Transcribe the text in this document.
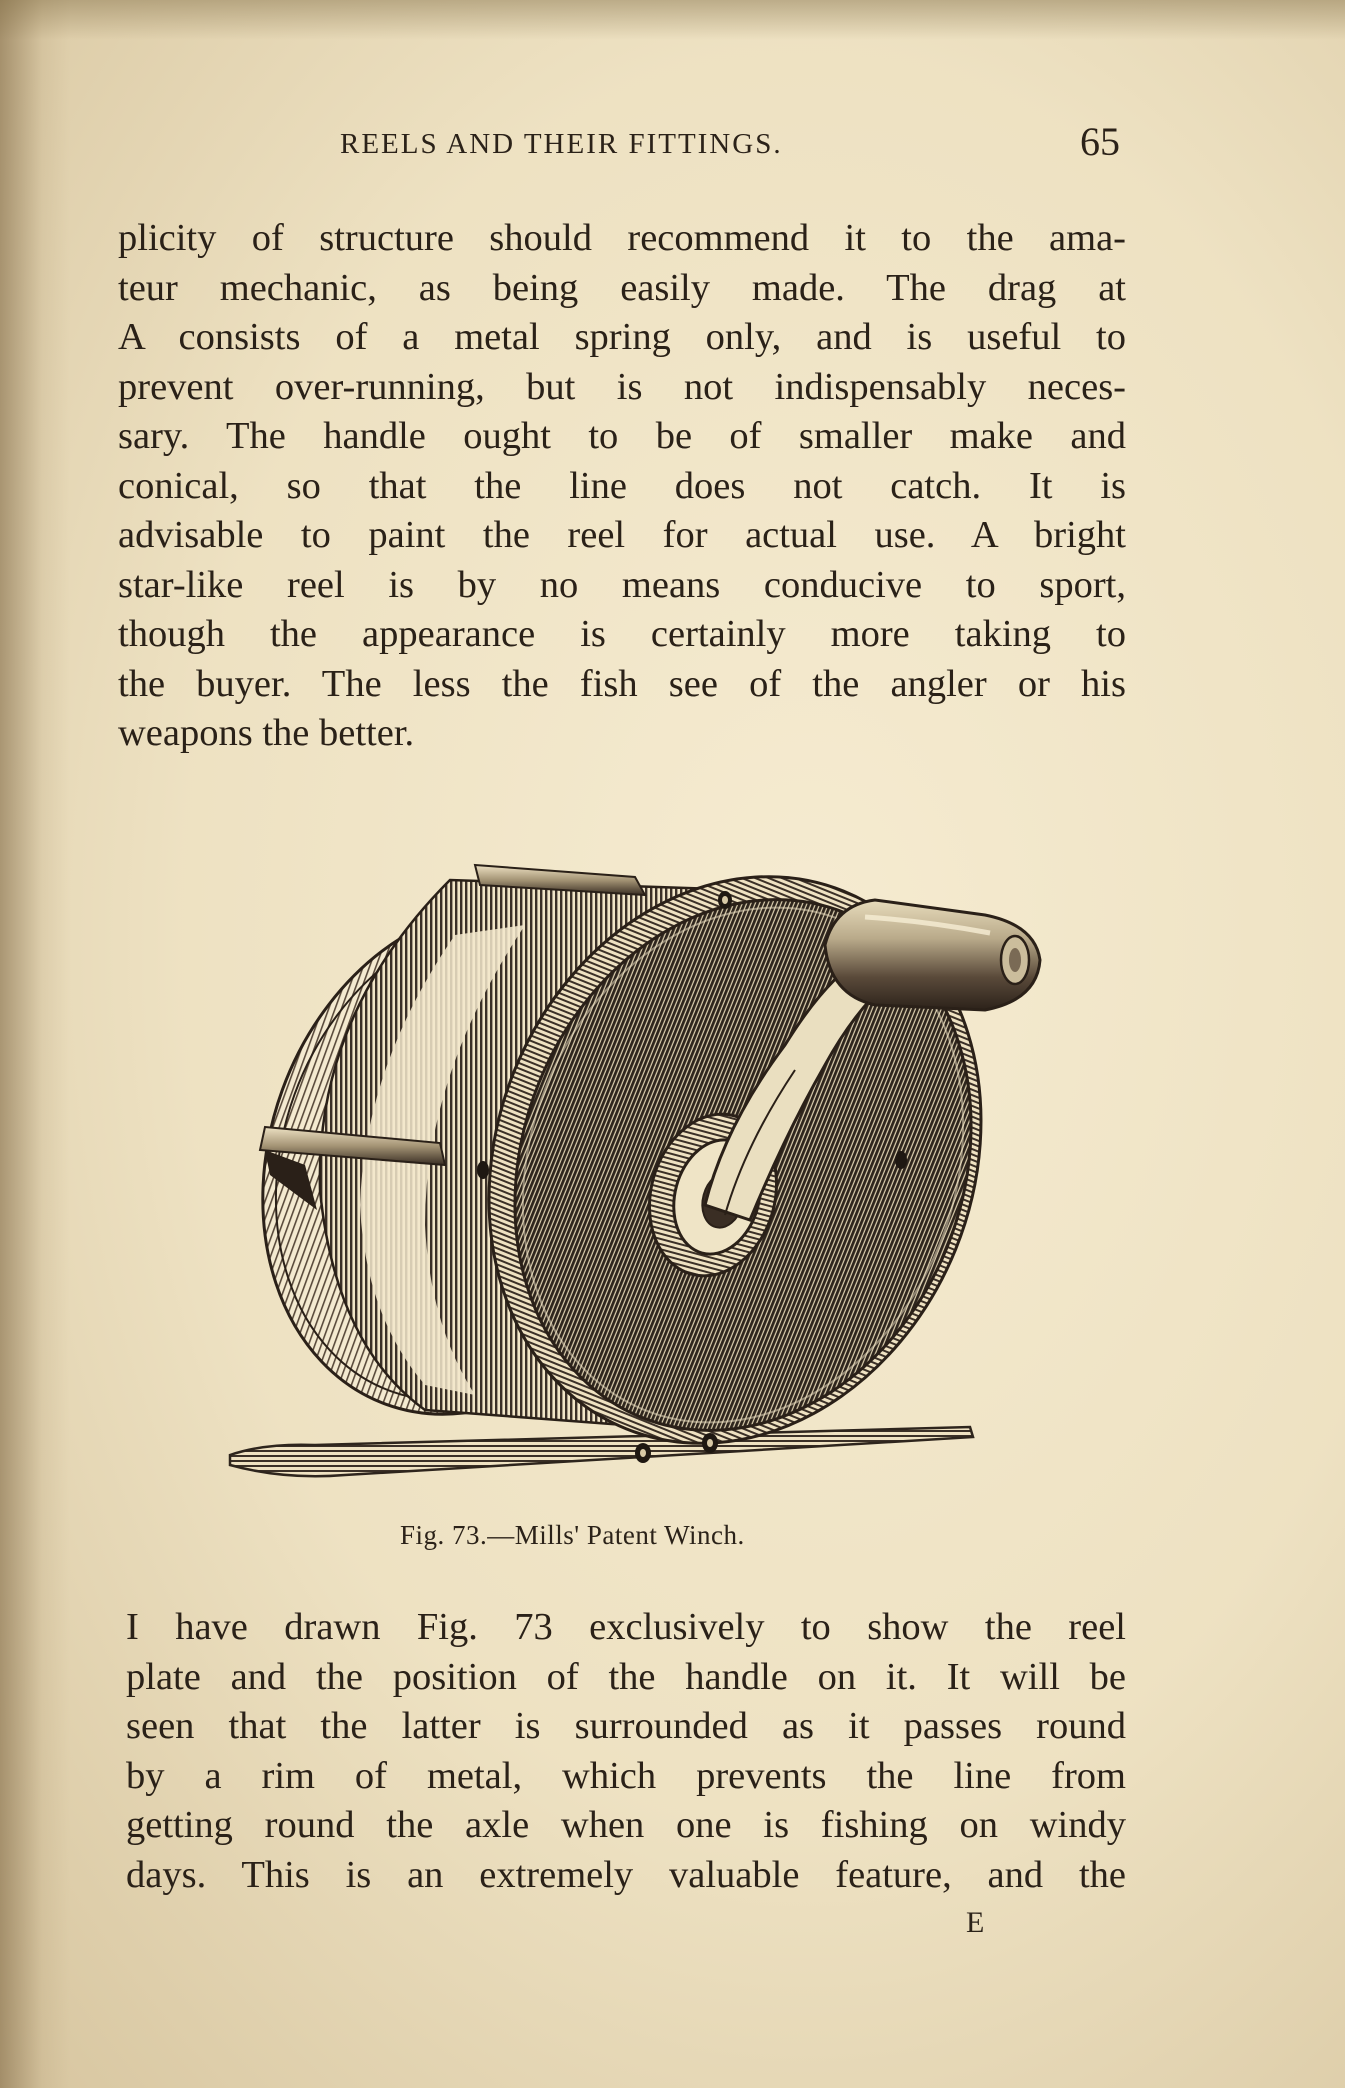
REELS AND THEIR FITTINGS.	65
plicity of structure should recommend it to the ama-
teur mechanic, as being easily made. The drag at
A consists of a metal spring only, and is useful to
prevent over-running, but is not indispensably neces-
sary. The handle ought to be of smaller make and
conical, so that the line does not catch. It is
advisable to paint the reel for actual use. A bright
star-like reel is by no means conducive to sport,
though the appearance is certainly more taking to
the buyer. The less the fish see of the angler or his
weapons the better.
Fig. 73.—Mills' Patent Winch.
I have drawn Fig. 73 exclusively to show the reel
plate and the position of the handle on it. It will be
seen that the latter is surrounded as it passes round
by a rim of metal, which prevents the line from
getting round the axle when one is fishing on windy
days. This is an extremely valuable feature, and the
E
